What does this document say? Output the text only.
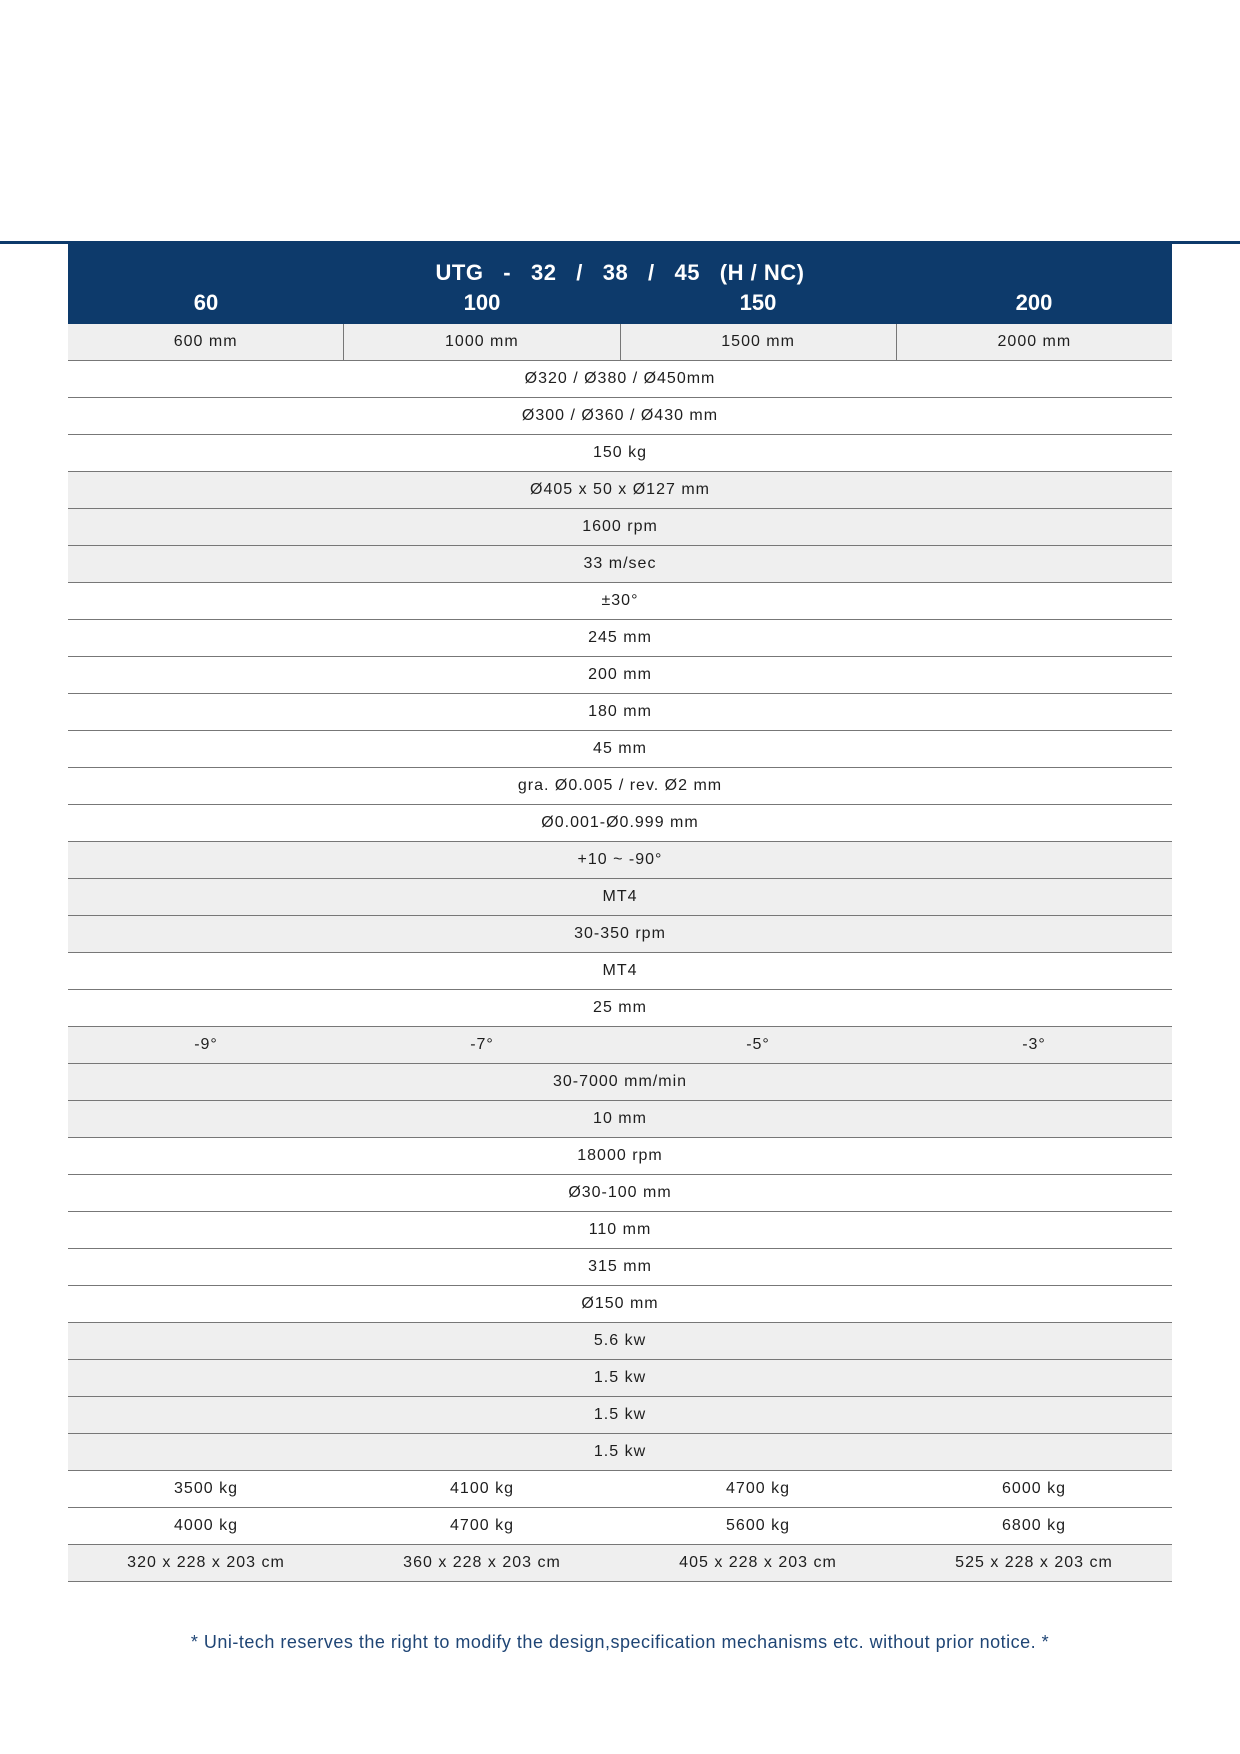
UTG   -   32   /   38   /   45   (H / NC)
60	100	150	200
600 mm	1000 mm	1500 mm	2000 mm
Ø320 / Ø380 / Ø450mm
Ø300 / Ø360 / Ø430 mm
150 kg
Ø405 x 50 x Ø127 mm
1600 rpm
33 m/sec
±30°
245 mm
200 mm
180 mm
45 mm
gra. Ø0.005 / rev. Ø2 mm
Ø0.001-Ø0.999 mm
+10 ~ -90°
MT4
30-350 rpm
MT4
25 mm
-9°	-7°	-5°	-3°
30-7000 mm/min
10 mm
18000 rpm
Ø30-100 mm
110 mm
315 mm
Ø150 mm
5.6 kw
1.5 kw
1.5 kw
1.5 kw
3500 kg	4100 kg	4700 kg	6000 kg
4000 kg	4700 kg	5600 kg	6800 kg
320 x 228 x 203 cm	360 x 228 x 203 cm	405 x 228 x 203 cm	525 x 228 x 203 cm
* Uni-tech reserves the right to modify the design,specification mechanisms etc. without prior notice. *
